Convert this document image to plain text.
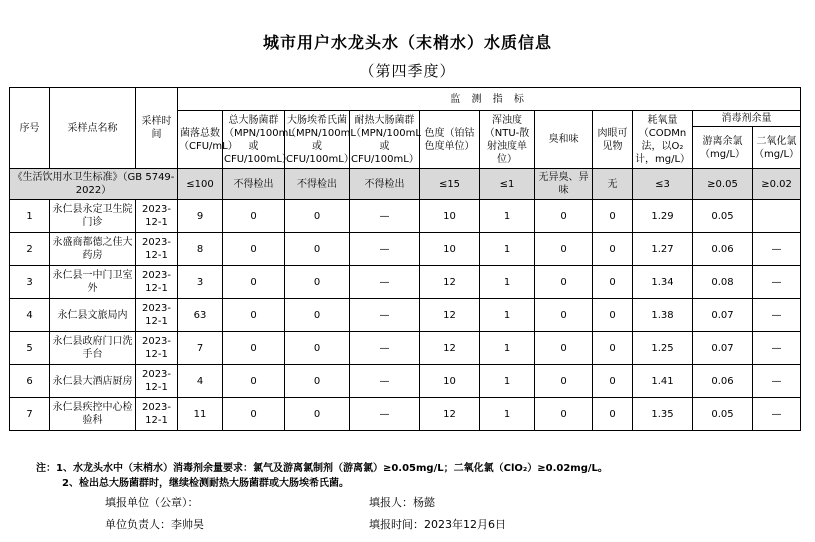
城市用户水龙头水（末梢水）水质信息
（第四季度）
序号	采样点名称	采样时间	监 测 指 标										
			菌落总数（CFU/mL）	总大肠菌群（MPN/100mL或CFU/100mL）	大肠埃希氏菌（MPN/100mL或CFU/100mL）	耐热大肠菌群（MPN/100mL或CFU/100mL）	色度（铂钴色度单位）	浑浊度（NTU-散射浊度单位）	臭和味	肉眼可见物	耗氧量（CODMn法，以O₂计，mg/L）	消毒剂余量	
												游离余氯（mg/L）	二氧化氯（mg/L）
《生活饮用水卫生标准》（GB 5749-2022）			≤100	不得检出	不得检出	不得检出	≤15	≤1	无异臭、异味	无	≤3	≥0.05	≥0.02
1	永仁县永定卫生院门诊	2023-12-1	9	0	0	—	10	1	0	0	1.29	0.05	
2	永盛商都德之佳大药房	2023-12-1	8	0	0	—	10	1	0	0	1.27	0.06	—
3	永仁县一中门卫室外	2023-12-1	3	0	0	—	12	1	0	0	1.34	0.08	—
4	永仁县文旅局内	2023-12-1	63	0	0	—	12	1	0	0	1.38	0.07	—
5	永仁县政府门口洗手台	2023-12-1	7	0	0	—	12	1	0	0	1.25	0.07	—
6	永仁县大酒店厨房	2023-12-1	4	0	0	—	10	1	0	0	1.41	0.06	—
7	永仁县疾控中心检验科	2023-12-1	11	0	0	—	12	1	0	0	1.35	0.05	—
注：1、水龙头水中（末梢水）消毒剂余量要求：氯气及游离氯制剂（游离氯）≥0.05mg/L；二氧化氯（ClO₂）≥0.02mg/L。
2、检出总大肠菌群时，继续检测耐热大肠菌群或大肠埃希氏菌。
填报单位（公章）：	填报人：杨懿
单位负责人：李帅昊	填报时间：2023年12月6日
